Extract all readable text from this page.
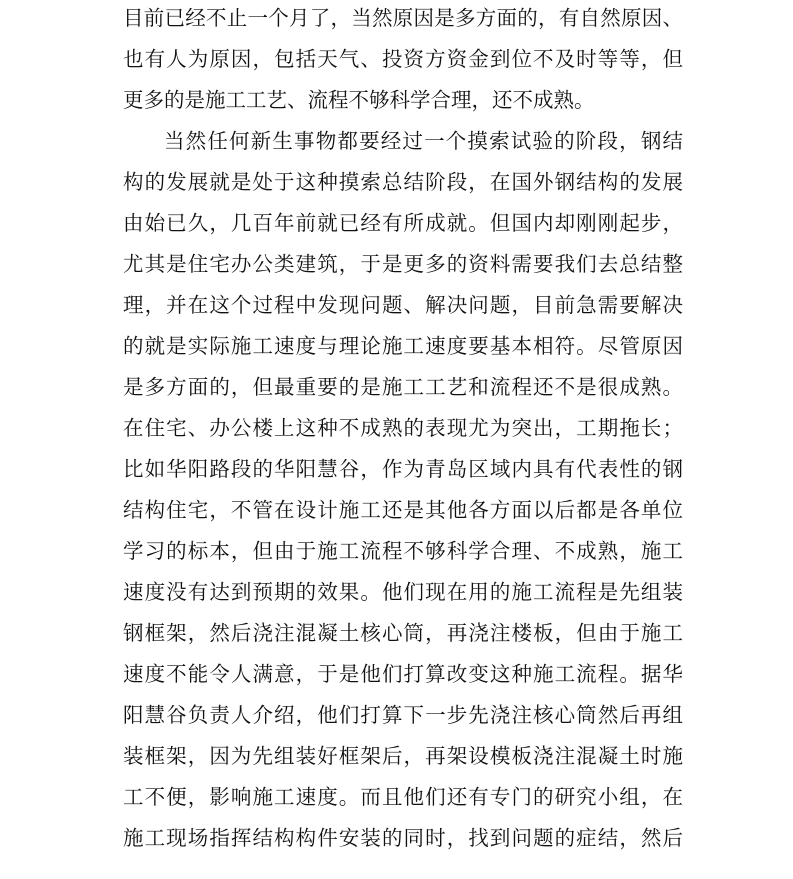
目前已经不止一个月了，当然原因是多方面的，有自然原因、
也有人为原因，包括天气、投资方资金到位不及时等等，但
更多的是施工工艺、流程不够科学合理，还不成熟。
当然任何新生事物都要经过一个摸索试验的阶段，钢结
构的发展就是处于这种摸索总结阶段，在国外钢结构的发展
由始已久，几百年前就已经有所成就。但国内却刚刚起步，
尤其是住宅办公类建筑，于是更多的资料需要我们去总结整
理，并在这个过程中发现问题、解决问题，目前急需要解决
的就是实际施工速度与理论施工速度要基本相符。尽管原因
是多方面的，但最重要的是施工工艺和流程还不是很成熟。
在住宅、办公楼上这种不成熟的表现尤为突出，工期拖长；
比如华阳路段的华阳慧谷，作为青岛区域内具有代表性的钢
结构住宅，不管在设计施工还是其他各方面以后都是各单位
学习的标本，但由于施工流程不够科学合理、不成熟，施工
速度没有达到预期的效果。他们现在用的施工流程是先组装
钢框架，然后浇注混凝土核心筒，再浇注楼板，但由于施工
速度不能令人满意，于是他们打算改变这种施工流程。据华
阳慧谷负责人介绍，他们打算下一步先浇注核心筒然后再组
装框架，因为先组装好框架后，再架设模板浇注混凝土时施
工不便，影响施工速度。而且他们还有专门的研究小组，在
施工现场指挥结构构件安装的同时，找到问题的症结，然后
